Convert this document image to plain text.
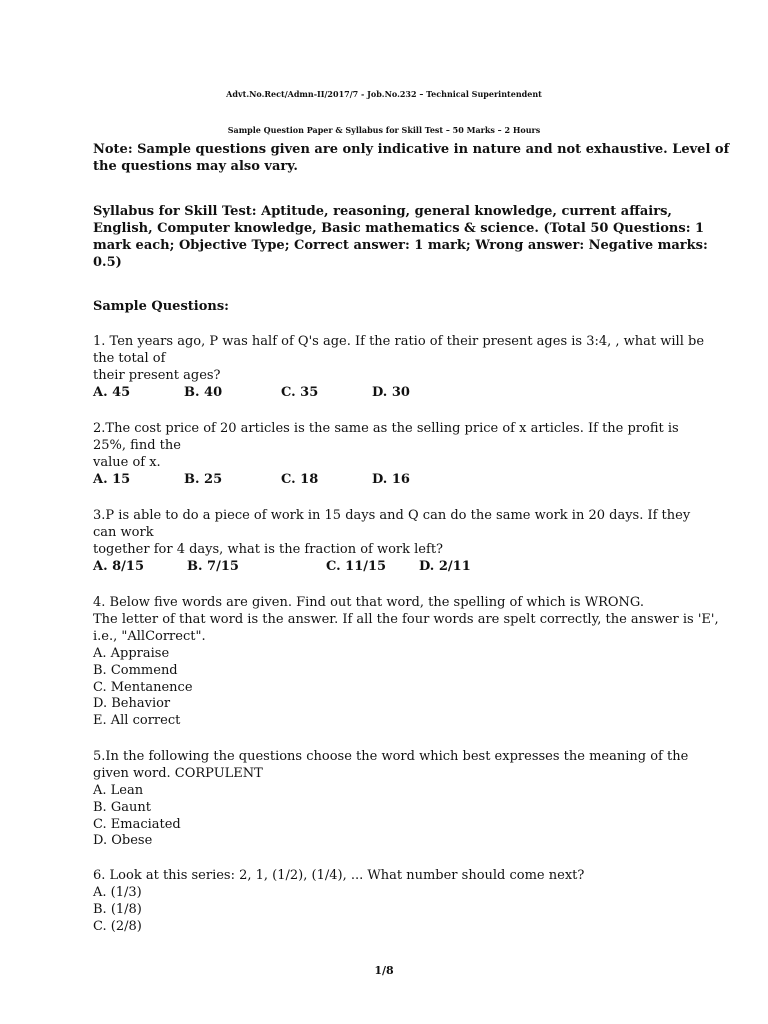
Advt.No.Rect/Admn-II/2017/7 - Job.No.232 – Technical Superintendent
Sample Question Paper & Syllabus for Skill Test – 50 Marks – 2 Hours
Note: Sample questions given are only indicative in nature and not exhaustive. Level of
the questions may also vary.
Syllabus for Skill Test: Aptitude, reasoning, general knowledge, current affairs,
English, Computer knowledge, Basic mathematics & science. (Total 50 Questions: 1
mark each; Objective Type; Correct answer: 1 mark; Wrong answer: Negative marks:
0.5)
Sample Questions:
1. Ten years ago, P was half of Q's age. If the ratio of their present ages is 3:4, , what will be
the total of
their present ages?
A. 45	B. 40	C. 35	D. 30
2.The cost price of 20 articles is the same as the selling price of x articles. If the profit is
25%, find the
value of x.
A. 15	B. 25	C. 18	D. 16
3.P is able to do a piece of work in 15 days and Q can do the same work in 20 days. If they
can work
together for 4 days, what is the fraction of work left?
A. 8/15	B. 7/15	C. 11/15	D. 2/11
4. Below five words are given. Find out that word, the spelling of which is WRONG.
The letter of that word is the answer. If all the four words are spelt correctly, the answer is 'E',
i.e., "AllCorrect".
A. Appraise
B. Commend
C. Mentanence
D. Behavior
E. All correct
5.In the following the questions choose the word which best expresses the meaning of the
given word. CORPULENT
A. Lean
B. Gaunt
C. Emaciated
D. Obese
6. Look at this series: 2, 1, (1/2), (1/4), ... What number should come next?
A. (1/3)
B. (1/8)
C. (2/8)
1/8
